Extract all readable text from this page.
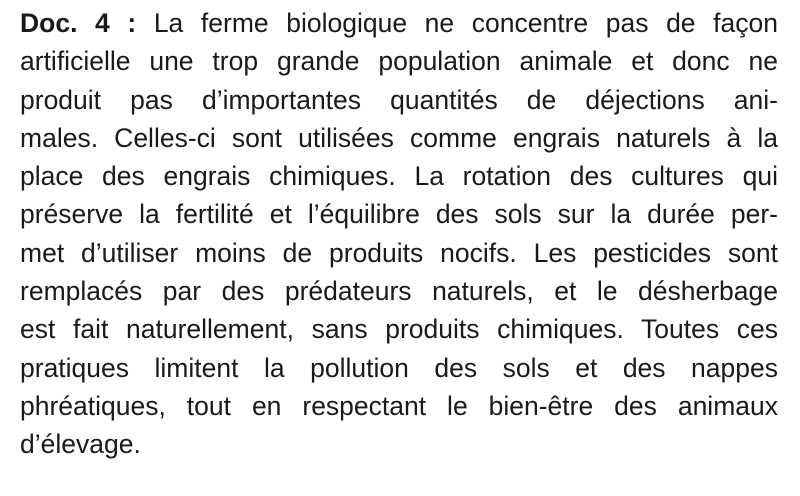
Doc. 4 : La ferme biologique ne concentre pas de façon
artificielle une trop grande population animale et donc ne
produit pas d’importantes quantités de déjections ani-
males. Celles-ci sont utilisées comme engrais naturels à la
place des engrais chimiques. La rotation des cultures qui
préserve la fertilité et l’équilibre des sols sur la durée per-
met d’utiliser moins de produits nocifs. Les pesticides sont
remplacés par des prédateurs naturels, et le désherbage
est fait naturellement, sans produits chimiques. Toutes ces
pratiques limitent la pollution des sols et des nappes
phréatiques, tout en respectant le bien-être des animaux
d’élevage.
